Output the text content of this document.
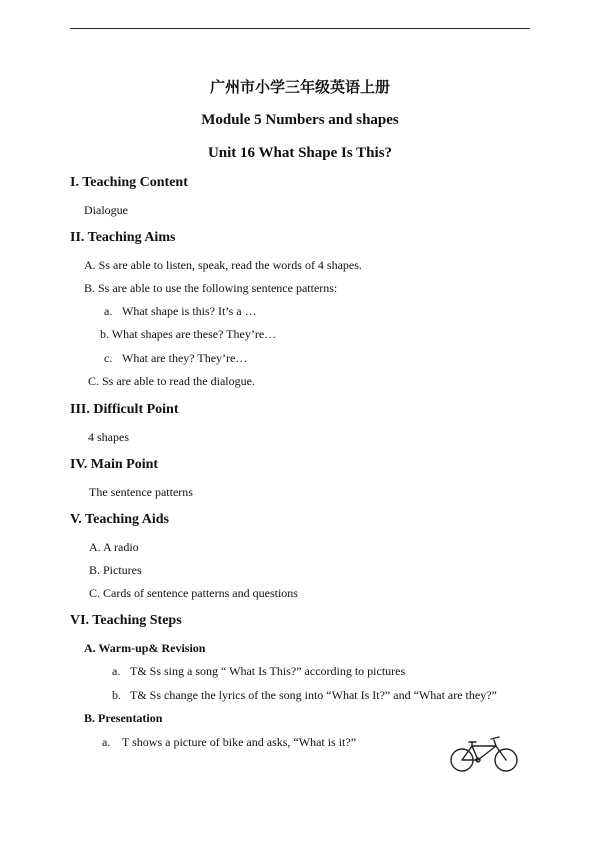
广州市小学三年级英语上册
Module 5 Numbers and shapes
Unit 16 What Shape Is This?
I. Teaching Content
Dialogue
II. Teaching Aims
A. Ss are able to listen, speak, read the words of 4 shapes.
B. Ss are able to use the following sentence patterns:
a. What shape is this? It’s a …
b. What shapes are these? They’re…
c. What are they? They’re…
C. Ss are able to read the dialogue.
III. Difficult Point
4 shapes
IV. Main Point
The sentence patterns
V. Teaching Aids
A. A radio
B. Pictures
C. Cards of sentence patterns and questions
VI. Teaching Steps
A. Warm-up& Revision
a. T& Ss sing a song “ What Is This?” according to pictures
b. T& Ss change the lyrics of the song into “What Is It?” and “What are they?”
B. Presentation
a. T shows a picture of bike and asks, “What is it?”
